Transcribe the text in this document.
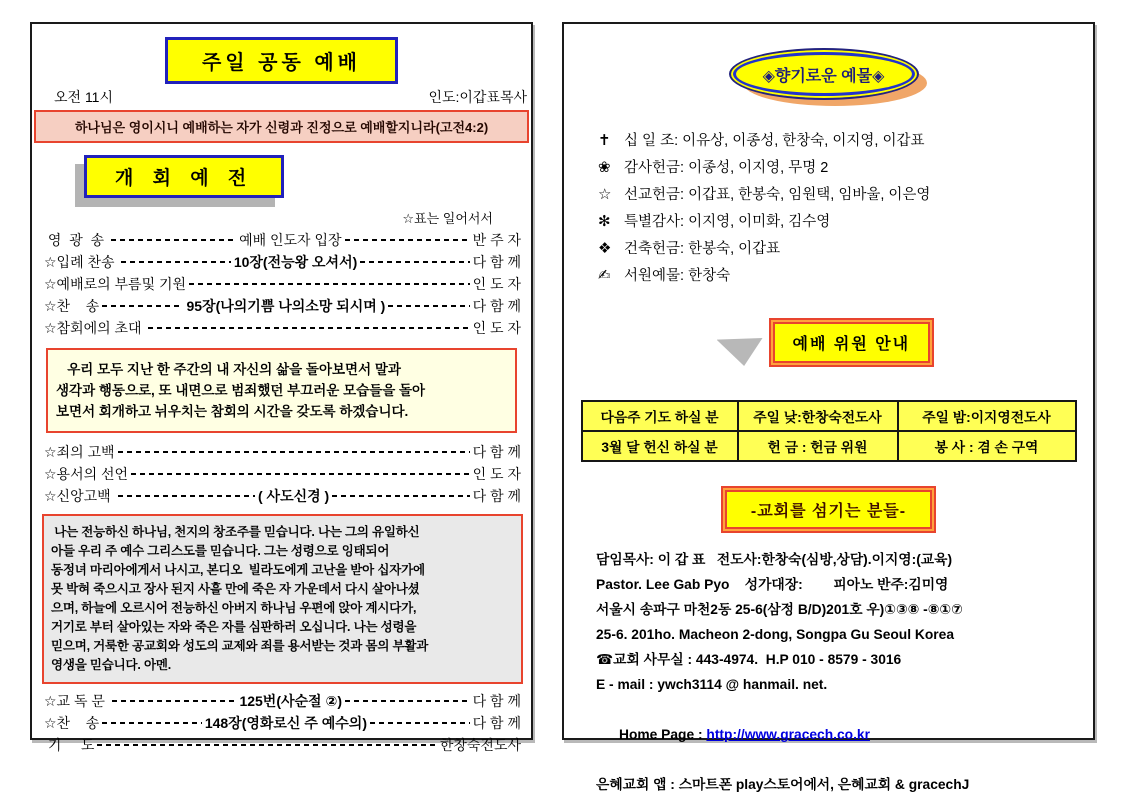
주일 공동 예배
오전 11시	인도:이갑표목사
하나님은 영이시니 예배하는 자가 신령과 진정으로 예배할지니라(고전4:2)
개 회 예 전
☆표는 일어서서
영  광  송	예배 인도자 입장	반 주 자
☆입례 찬송	10장(전능왕 오셔서)	다 함 께
☆예배로의 부름및 기원	인 도 자
☆찬    송	95장(나의기쁨 나의소망 되시며 )	다 함 께
☆참회에의 초대	인 도 자
우리 모두 지난 한 주간의 내 자신의 삶을 돌아보면서 말과
생각과 행동으로, 또 내면으로 범죄했던 부끄러운 모습들을 돌아
보면서 회개하고 뉘우치는 참회의 시간을 갖도록 하겠습니다.
☆죄의 고백	다 함 께
☆용서의 선언	인 도 자
☆신앙고백	( 사도신경 )	다 함 께
나는 전능하신 하나님, 천지의 창조주를 믿습니다. 나는 그의 유일하신
아들 우리 주 예수 그리스도를 믿습니다. 그는 성령으로 잉태되어
동정녀 마리아에게서 나시고, 본디오  빌라도에게 고난을 받아 십자가에
못 박혀 죽으시고 장사 된지 사흘 만에 죽은 자 가운데서 다시 살아나셨
으며, 하늘에 오르시어 전능하신 아버지 하나님 우편에 앉아 계시다가,
거기로 부터 살아있는 자와 죽은 자를 심판하러 오십니다. 나는 성령을
믿으며, 거룩한 공교회와 성도의 교제와 죄를 용서받는 것과 몸의 부활과
영생을 믿습니다. 아멘.
☆교 독 문	125번(사순절 ②)	다 함 께
☆찬    송	148장(영화로신 주 예수의)	다 함 께
기     도	한창숙전도사
◈향기로운 예물◈
✝ 십 일 조: 이유상, 이종성, 한창숙, 이지영, 이갑표
❀ 감사헌금: 이종성, 이지영, 무명 2
☆ 선교헌금: 이갑표, 한봉숙, 임원택, 임바울, 이은영
✻ 특별감사: 이지영, 이미화, 김수영
❖ 건축헌금: 한봉숙, 이갑표
✍ 서원예물: 한창숙
예배 위원 안내
다음주 기도 하실 분	주일 낮:한창숙전도사	주일 밤:이지영전도사
3월 달 헌신 하실 분	헌 금 : 헌금 위원	봉 사 : 겸 손 구역
-교회를 섬기는 분들-
담임목사: 이 갑 표   전도사:한창숙(심방,상담).이지영:(교육)
Pastor. Lee Gab Pyo    성가대장:        피아노 반주:김미영
서울시 송파구 마천2동 25-6(삼정 B/D)201호 우)①③⑧ -⑧①⑦
25-6. 201ho. Macheon 2-dong, Songpa Gu Seoul Korea
☎교회 사무실 : 443-4974.  H.P 010 - 8579 - 3016
E - mail : ywch3114 @ hanmail. net.

Home Page : http://www.gracech.co.kr

은혜교회 앱 : 스마트폰 play스토어에서, 은혜교회 & gracechJ
